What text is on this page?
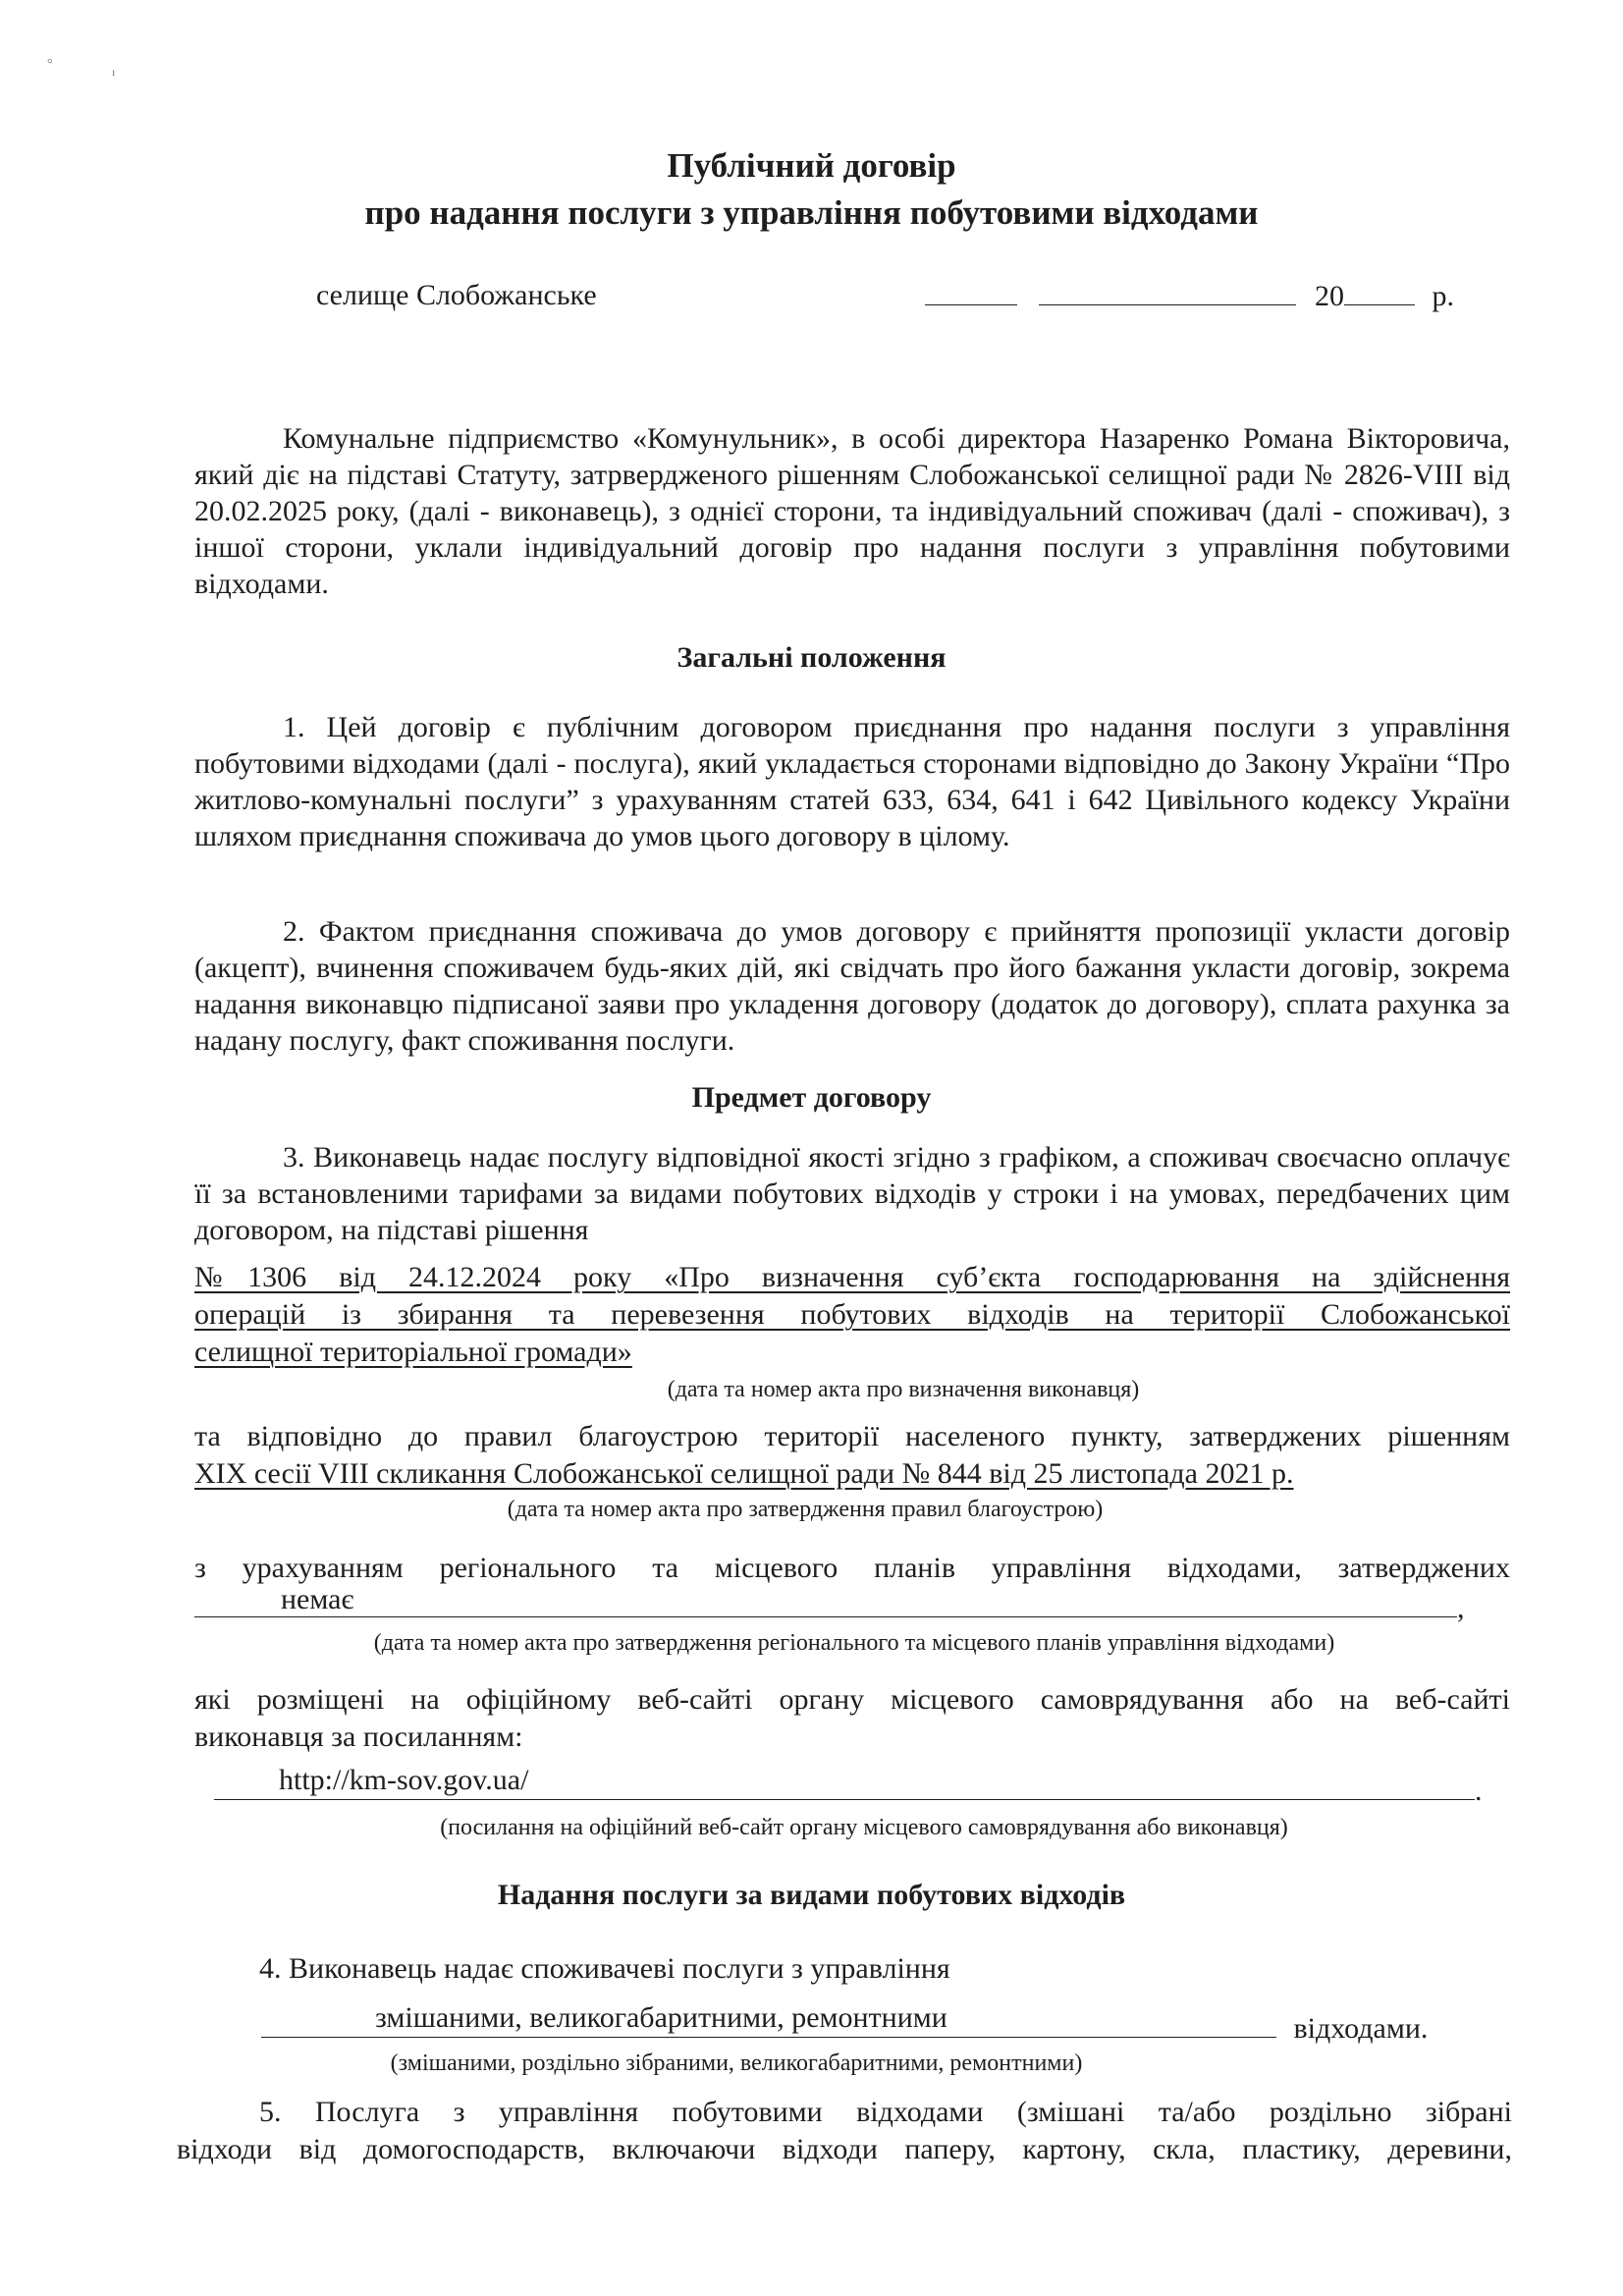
°	ı
Публічний договір
про надання послуги з управління побутовими відходами
селище Слобожанське	20	р.
Комунальне підприємство «Комунульник», в особі директора Назаренко Романа Вікторовича, який діє на підставі Статуту, затрвердженого рішенням Слобожанської селищної ради № 2826-VIII від 20.02.2025 року, (далі - виконавець), з однієї сторони, та індивідуальний споживач (далі - споживач), з іншої сторони, уклали індивідуальний договір про надання послуги з управління побутовими відходами.
Загальні положення
1. Цей договір є публічним договором приєднання про надання послуги з управління побутовими відходами (далі - послуга), який укладається сторонами відповідно до Закону України “Про житлово-комунальні послуги” з урахуванням статей 633, 634, 641 і 642 Цивільного кодексу України шляхом приєднання споживача до умов цього договору в цілому.
2. Фактом приєднання споживача до умов договору є прийняття пропозиції укласти договір (акцепт), вчинення споживачем будь-яких дій, які свідчать про його бажання укласти договір, зокрема надання виконавцю підписаної заяви про укладення договору (додаток до договору), сплата рахунка за надану послугу, факт споживання послуги.
Предмет договору
3. Виконавець надає послугу відповідної якості згідно з графіком, а споживач своєчасно оплачує її за встановленими тарифами за видами побутових відходів у строки і на умовах, передбачених цим договором, на підставі рішення
№1306 від 24.12.2024 року «Про визначення суб’єкта господарювання на здійснення
операцій із збирання та перевезення побутових відходів на території Слобожанської
селищної територіальної громади»
(дата та номер акта про визначення виконавця)
та відповідно до правил благоустрою території населеного пункту, затверджених рішенням
XIX сесії VIII скликання Слобожанської селищної ради № 844 від 25 листопада 2021 р.
(дата та номер акта про затвердження правил благоустрою)
з урахуванням регіонального та місцевого планів управління відходами, затверджених
немає	,
(дата та номер акта про затвердження регіонального та місцевого планів управління відходами)
які розміщені на офіційному веб-сайті органу місцевого самоврядування або на веб-сайті
виконавця за посиланням:
http://km-sov.gov.ua/	.
(посилання на офіційний веб-сайт органу місцевого самоврядування або виконавця)
Надання послуги за видами побутових відходів
4. Виконавець надає споживачеві послуги з управління
змішаними, великогабаритними, ремонтними	відходами.
(змішаними, роздільно зібраними, великогабаритними, ремонтними)
5. Послуга з управління побутовими відходами (змішані та/або роздільно зібрані
відходи від домогосподарств, включаючи відходи паперу, картону, скла, пластику, деревини,
